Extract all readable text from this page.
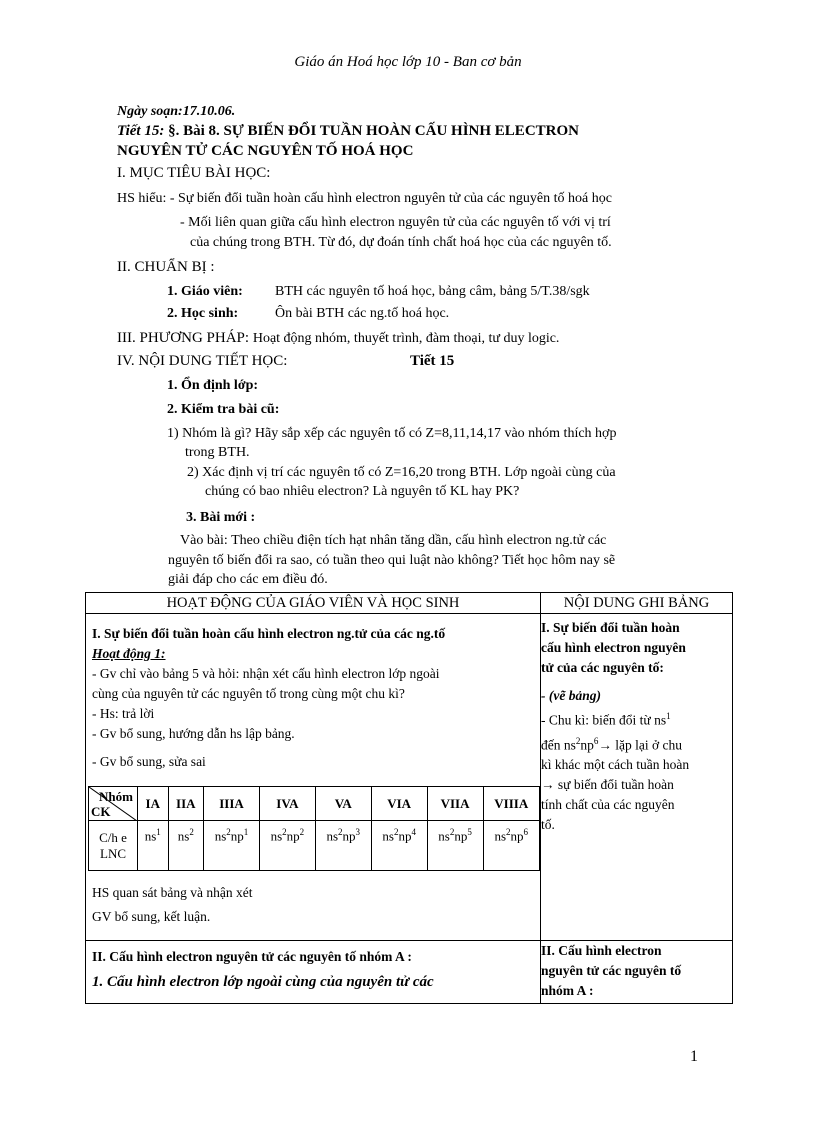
Giáo án Hoá học lớp 10 - Ban cơ bản
Ngày soạn:17.10.06.
Tiết 15: §. Bài 8. SỰ BIẾN ĐỔI TUẦN HOÀN CẤU HÌNH ELECTRON
NGUYÊN TỬ CÁC NGUYÊN TỐ HOÁ HỌC
I. MỤC TIÊU BÀI HỌC:
HS hiểu: - Sự biến đổi tuần hoàn cấu hình electron nguyên tử của các nguyên tố hoá học
- Mối liên quan giữa cấu hình electron nguyên tử của các nguyên tố với vị trí
của chúng trong BTH. Từ đó, dự đoán tính chất hoá học của các nguyên tố.
II. CHUẨN BỊ :
1. Giáo viên: BTH các nguyên tố hoá học, bảng câm, bảng 5/T.38/sgk
2. Học sinh:	Ôn bài BTH các ng.tố hoá học.
III. PHƯƠNG PHÁP: Hoạt động nhóm, thuyết trình, đàm thoại, tư duy logic.
IV. NỘI DUNG TIẾT HỌC:	Tiết 15
1. Ổn định lớp:
2. Kiểm tra bài cũ:
1) Nhóm là gì? Hãy sắp xếp các nguyên tố có Z=8,11,14,17 vào nhóm thích hợp
trong BTH.
2) Xác định vị trí các nguyên tố có Z=16,20 trong BTH. Lớp ngoài cùng của
chúng có bao nhiêu electron? Là nguyên tố KL hay PK?
3. Bài mới :
Vào bài: Theo chiều điện tích hạt nhân tăng dần, cấu hình electron ng.tử các
nguyên tố biến đổi ra sao, có tuần theo qui luật nào không? Tiết học hôm nay sẽ
giải đáp cho các em điều đó.
HOẠT ĐỘNG CỦA GIÁO VIÊN VÀ HỌC SINH	NỘI DUNG GHI BẢNG

I. Sự biến đổi tuần hoàn cấu hình electron ng.tử của các ng.tố
Hoạt động 1:
- Gv chỉ vào bảng 5 và hỏi: nhận xét cấu hình electron lớp ngoài
cùng của nguyên tử các nguyên tố trong cùng một chu kì?
- Hs: trả lời
- Gv bổ sung, hướng dẫn hs lập bảng.
- Gv bổ sung, sửa sai
Nhóm
CK
	IA	IIA	IIIA	IVA	VA	VIA	VIIA	VIIIA

C/h e
LNC
	$ns^1$	$ns^2$	$ns^2np^1$	$ns^2np^2$	$ns^2np^3$	$ns^2np^4$	$ns^2np^5$	$ns^2np^6$
HS quan sát bảng và nhận xét
GV bổ sung, kết luận.

I. Sự biến đổi tuần hoàn
cấu hình electron nguyên
tử của các nguyên tố:
- (vẽ bảng)
- Chu kì: biến đổi từ $ns^1$
đến $ns^2np^6\to$ lặp lại ở chu
kì khác một cách tuần hoàn
→ sự biến đổi tuần hoàn
tính chất của các nguyên
tố.

II. Cấu hình electron nguyên tử các nguyên tố nhóm A :
1. Cấu hình electron lớp ngoài cùng của nguyên tử các

II. Cấu hình electron
nguyên tử các nguyên tố
nhóm A :
1
